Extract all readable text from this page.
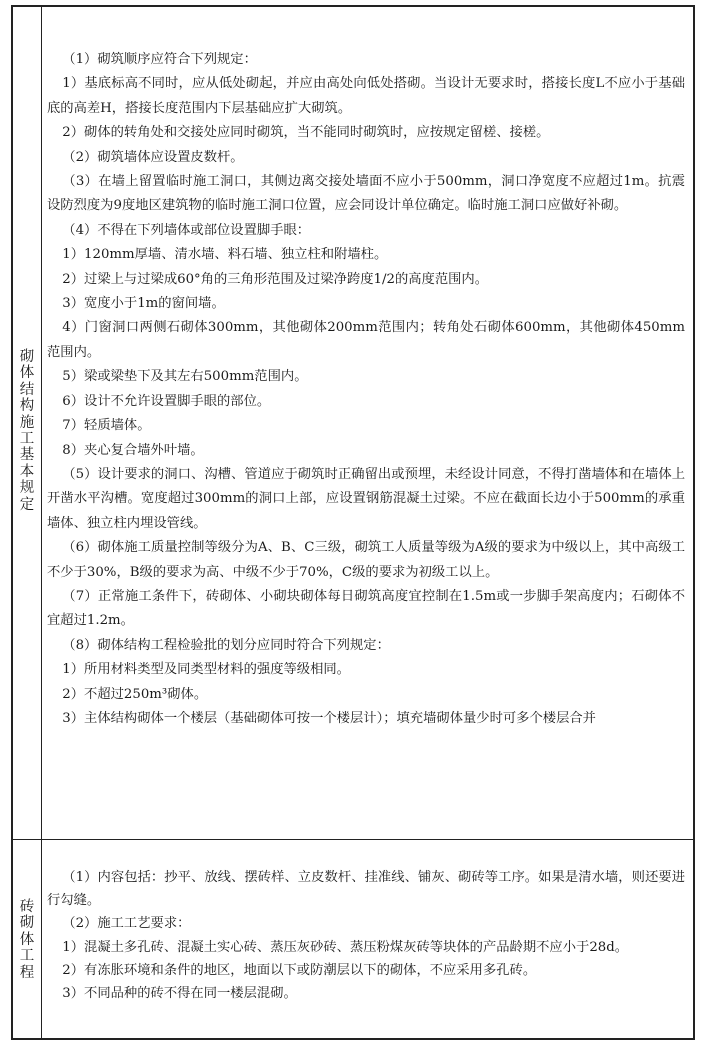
砌
体
结
构
施
工
基
本
规
定

（1）砌筑顺序应符合下列规定：

1）基底标高不同时，应从低处砌起，并应由高处向低处搭砌。当设计无要求时，搭接长度L不应小于基础底的高差H，搭接长度范围内下层基础应扩大砌筑。

2）砌体的转角处和交接处应同时砌筑，当不能同时砌筑时，应按规定留槎、接槎。

（2）砌筑墙体应设置皮数杆。

（3）在墙上留置临时施工洞口，其侧边离交接处墙面不应小于500mm，洞口净宽度不应超过1m。抗震设防烈度为9度地区建筑物的临时施工洞口位置，应会同设计单位确定。临时施工洞口应做好补砌。

（4）不得在下列墙体或部位设置脚手眼：

1）120mm厚墙、清水墙、料石墙、独立柱和附墙柱。

2）过梁上与过梁成60°角的三角形范围及过梁净跨度1/2的高度范围内。

3）宽度小于1m的窗间墙。

4）门窗洞口两侧石砌体300mm，其他砌体200mm范围内；转角处石砌体600mm，其他砌体450mm范围内。

5）梁或梁垫下及其左右500mm范围内。

6）设计不允许设置脚手眼的部位。

7）轻质墙体。

8）夹心复合墙外叶墙。

（5）设计要求的洞口、沟槽、管道应于砌筑时正确留出或预埋，未经设计同意，不得打凿墙体和在墙体上开凿水平沟槽。宽度超过300mm的洞口上部，应设置钢筋混凝土过梁。不应在截面长边小于500mm的承重墙体、独立柱内埋设管线。

（6）砌体施工质量控制等级分为A、B、C三级，砌筑工人质量等级为A级的要求为中级以上，其中高级工不少于30%，B级的要求为高、中级不少于70%，C级的要求为初级工以上。

（7）正常施工条件下，砖砌体、小砌块砌体每日砌筑高度宜控制在1.5m或一步脚手架高度内；石砌体不宜超过1.2m。

（8）砌体结构工程检验批的划分应同时符合下列规定：

1）所用材料类型及同类型材料的强度等级相同。

2）不超过250m³砌体。

3）主体结构砌体一个楼层（基础砌体可按一个楼层计）；填充墙砌体量少时可多个楼层合并

砖
砌
体
工
程

（1）内容包括：抄平、放线、摆砖样、立皮数杆、挂准线、铺灰、砌砖等工序。如果是清水墙，则还要进行勾缝。

（2）施工工艺要求：

1）混凝土多孔砖、混凝土实心砖、蒸压灰砂砖、蒸压粉煤灰砖等块体的产品龄期不应小于28d。

2）有冻胀环境和条件的地区，地面以下或防潮层以下的砌体，不应采用多孔砖。

3）不同品种的砖不得在同一楼层混砌。
